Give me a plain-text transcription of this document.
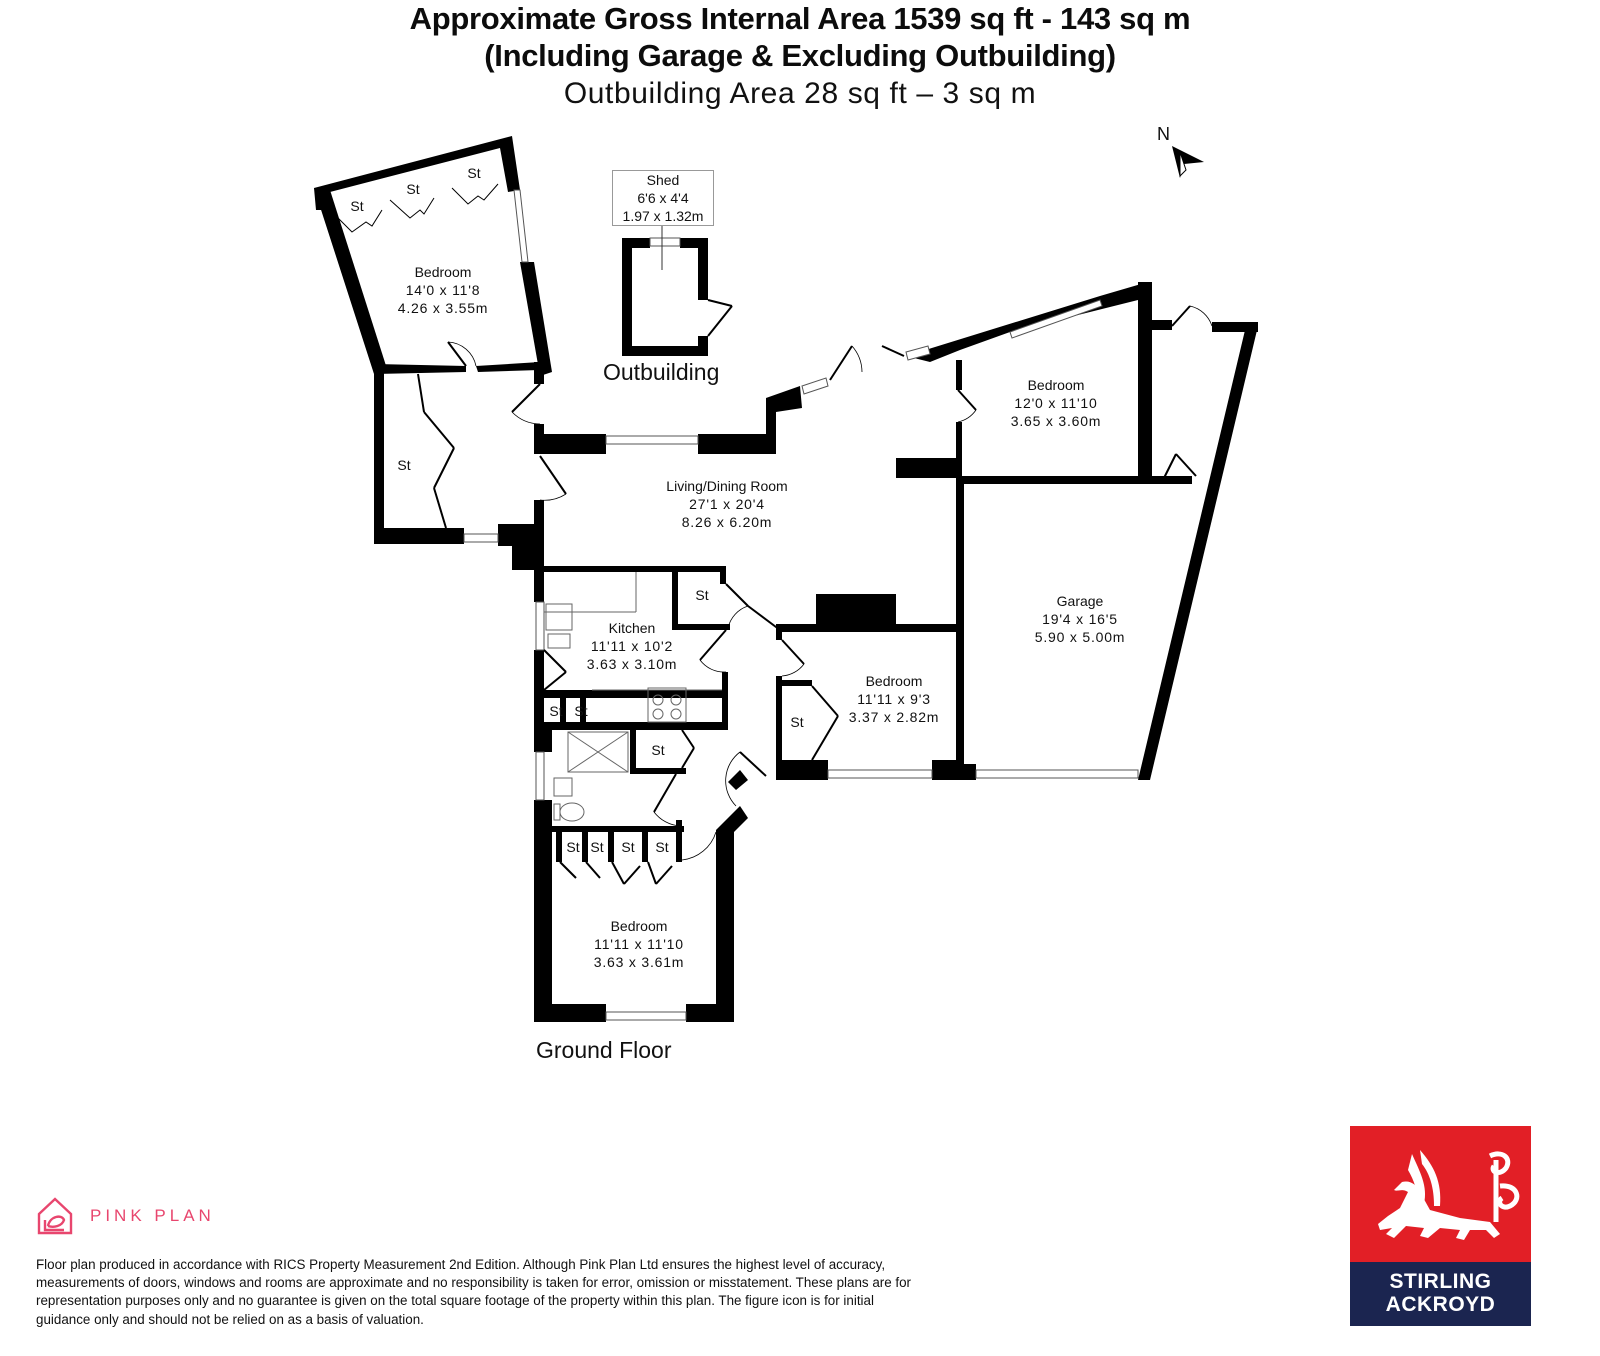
Approximate Gross Internal Area 1539 sq ft - 143 sq m
(Including Garage & Excluding Outbuilding)
Outbuilding Area 28 sq ft – 3 sq m
N
Shed
6'6 x 4'4
1.97 x 1.32m
Bedroom
14'0 x 11'8
4.26 x 3.55m
Bedroom
12'0 x 11'10
3.65 x 3.60m
Living/Dining Room
27'1 x 20'4
8.26 x 6.20m
Kitchen
11'11 x 10'2
3.63 x 3.10m
Bedroom
11'11 x 9'3
3.37 x 2.82m
Garage
19'4 x 16'5
5.90 x 5.00m
Bedroom
11'11 x 11'10
3.63 x 3.61m
St
St
St
St
St
St St
St
St
St St St St
Outbuilding
Ground Floor
PINK PLAN
Floor plan produced in accordance with RICS Property Measurement 2nd Edition. Although Pink Plan Ltd ensures the highest level of accuracy, measurements of doors, windows and rooms are approximate and no responsibility is taken for error, omission or misstatement. These plans are for representation purposes only and no guarantee is given on the total square footage of the property within this plan. The figure icon is for initial guidance only and should not be relied on as a basis of valuation.
STIRLING
ACKROYD
